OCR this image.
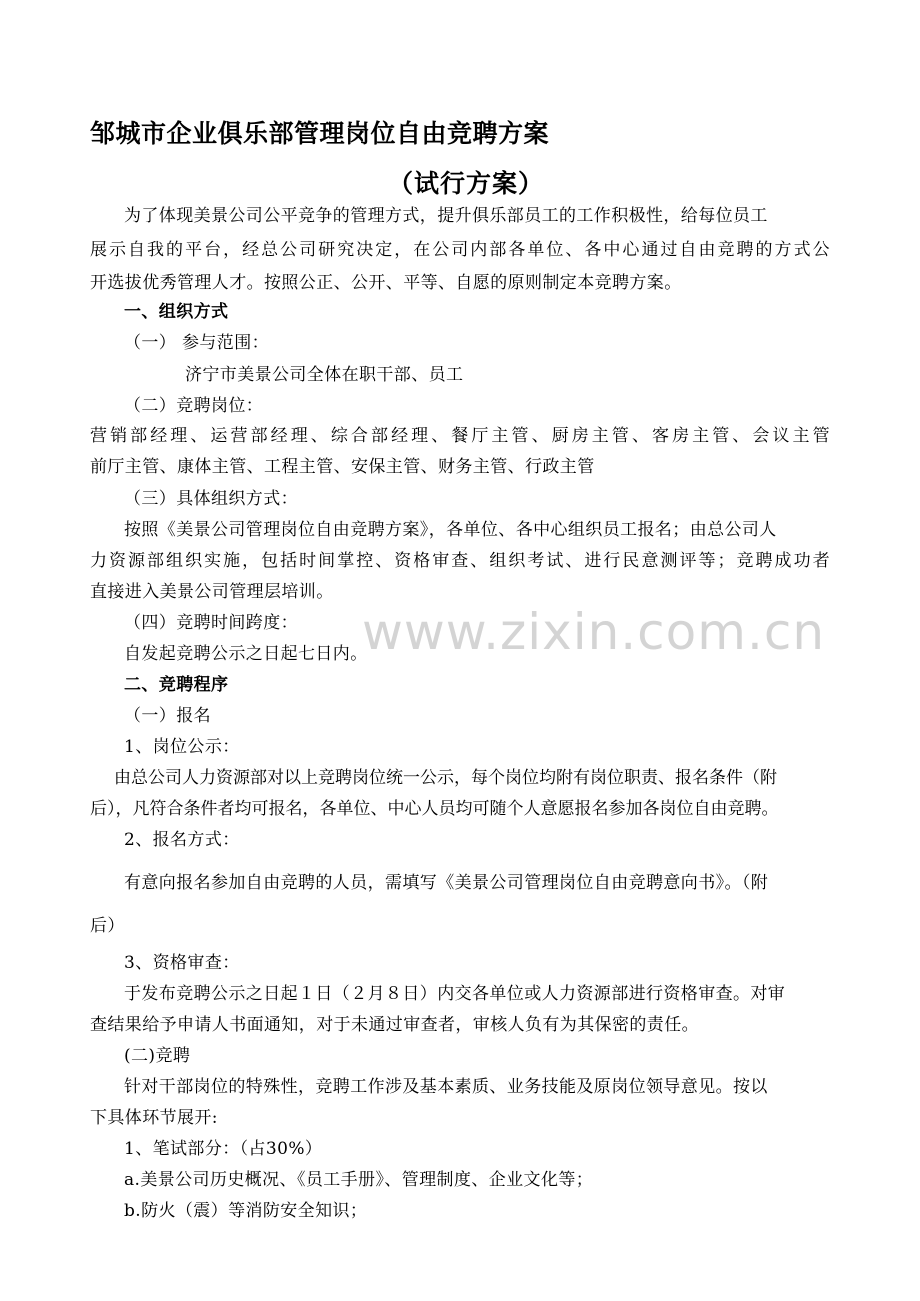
邹城市企业俱乐部管理岗位自由竞聘方案
（试行方案）
为了体现美景公司公平竞争的管理方式，提升俱乐部员工的工作积极性，给每位员工
展示自我的平台，经总公司研究决定，在公司内部各单位、各中心通过自由竞聘的方式公
开选拔优秀管理人才。按照公正、公开、平等、自愿的原则制定本竞聘方案。
一、组织方式
（一） 参与范围：
济宁市美景公司全体在职干部、员工
（二）竞聘岗位：
营销部经理、运营部经理、综合部经理、餐厅主管、厨房主管、客房主管、会议主管
前厅主管、康体主管、工程主管、安保主管、财务主管、行政主管
（三）具体组织方式：
按照《美景公司管理岗位自由竞聘方案》，各单位、各中心组织员工报名；由总公司人
力资源部组织实施，包括时间掌控、资格审查、组织考试、进行民意测评等；竞聘成功者
直接进入美景公司管理层培训。
（四）竞聘时间跨度：
自发起竞聘公示之日起七日内。
二、竞聘程序
（一）报名
1、岗位公示：
由总公司人力资源部对以上竞聘岗位统一公示，每个岗位均附有岗位职责、报名条件（附
后），凡符合条件者均可报名，各单位、中心人员均可随个人意愿报名参加各岗位自由竞聘。
2、报名方式：
有意向报名参加自由竞聘的人员，需填写《美景公司管理岗位自由竞聘意向书》。（附
后）
3、资格审查：
于发布竞聘公示之日起１日（２月８日）内交各单位或人力资源部进行资格审查。对审
查结果给予申请人书面通知，对于未通过审查者，审核人负有为其保密的责任。
(二)竞聘
针对干部岗位的特殊性，竞聘工作涉及基本素质、业务技能及原岗位领导意见。按以
下具体环节展开:
1、笔试部分：（占30%）
a.美景公司历史概况、《员工手册》、管理制度、企业文化等；
b.防火（震）等消防安全知识；
www.zixin.com.cn
